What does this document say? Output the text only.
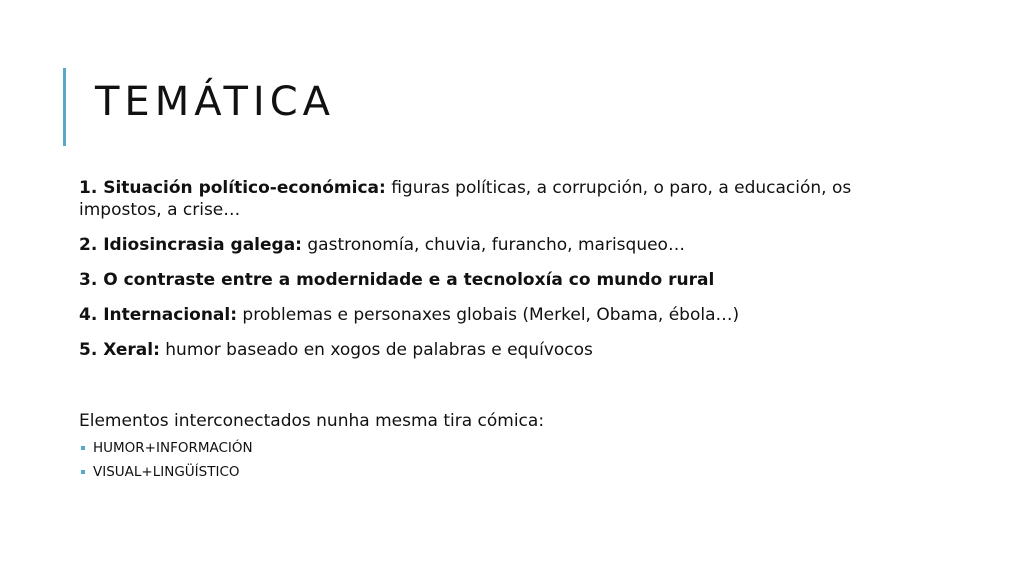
TEMÁTICA

1. Situación político-económica: figuras políticas, a corrupción, o paro, a educación, os impostos, a crise…

2. Idiosincrasia galega: gastronomía, chuvia, furancho, marisqueo…

3. O contraste entre a modernidade e a tecnoloxía co mundo rural

4. Internacional: problemas e personaxes globais (Merkel, Obama, ébola…)

5. Xeral: humor baseado en xogos de palabras e equívocos

Elementos interconectados nunha mesma tira cómica:

HUMOR+INFORMACIÓN
VISUAL+LINGÜÍSTICO
